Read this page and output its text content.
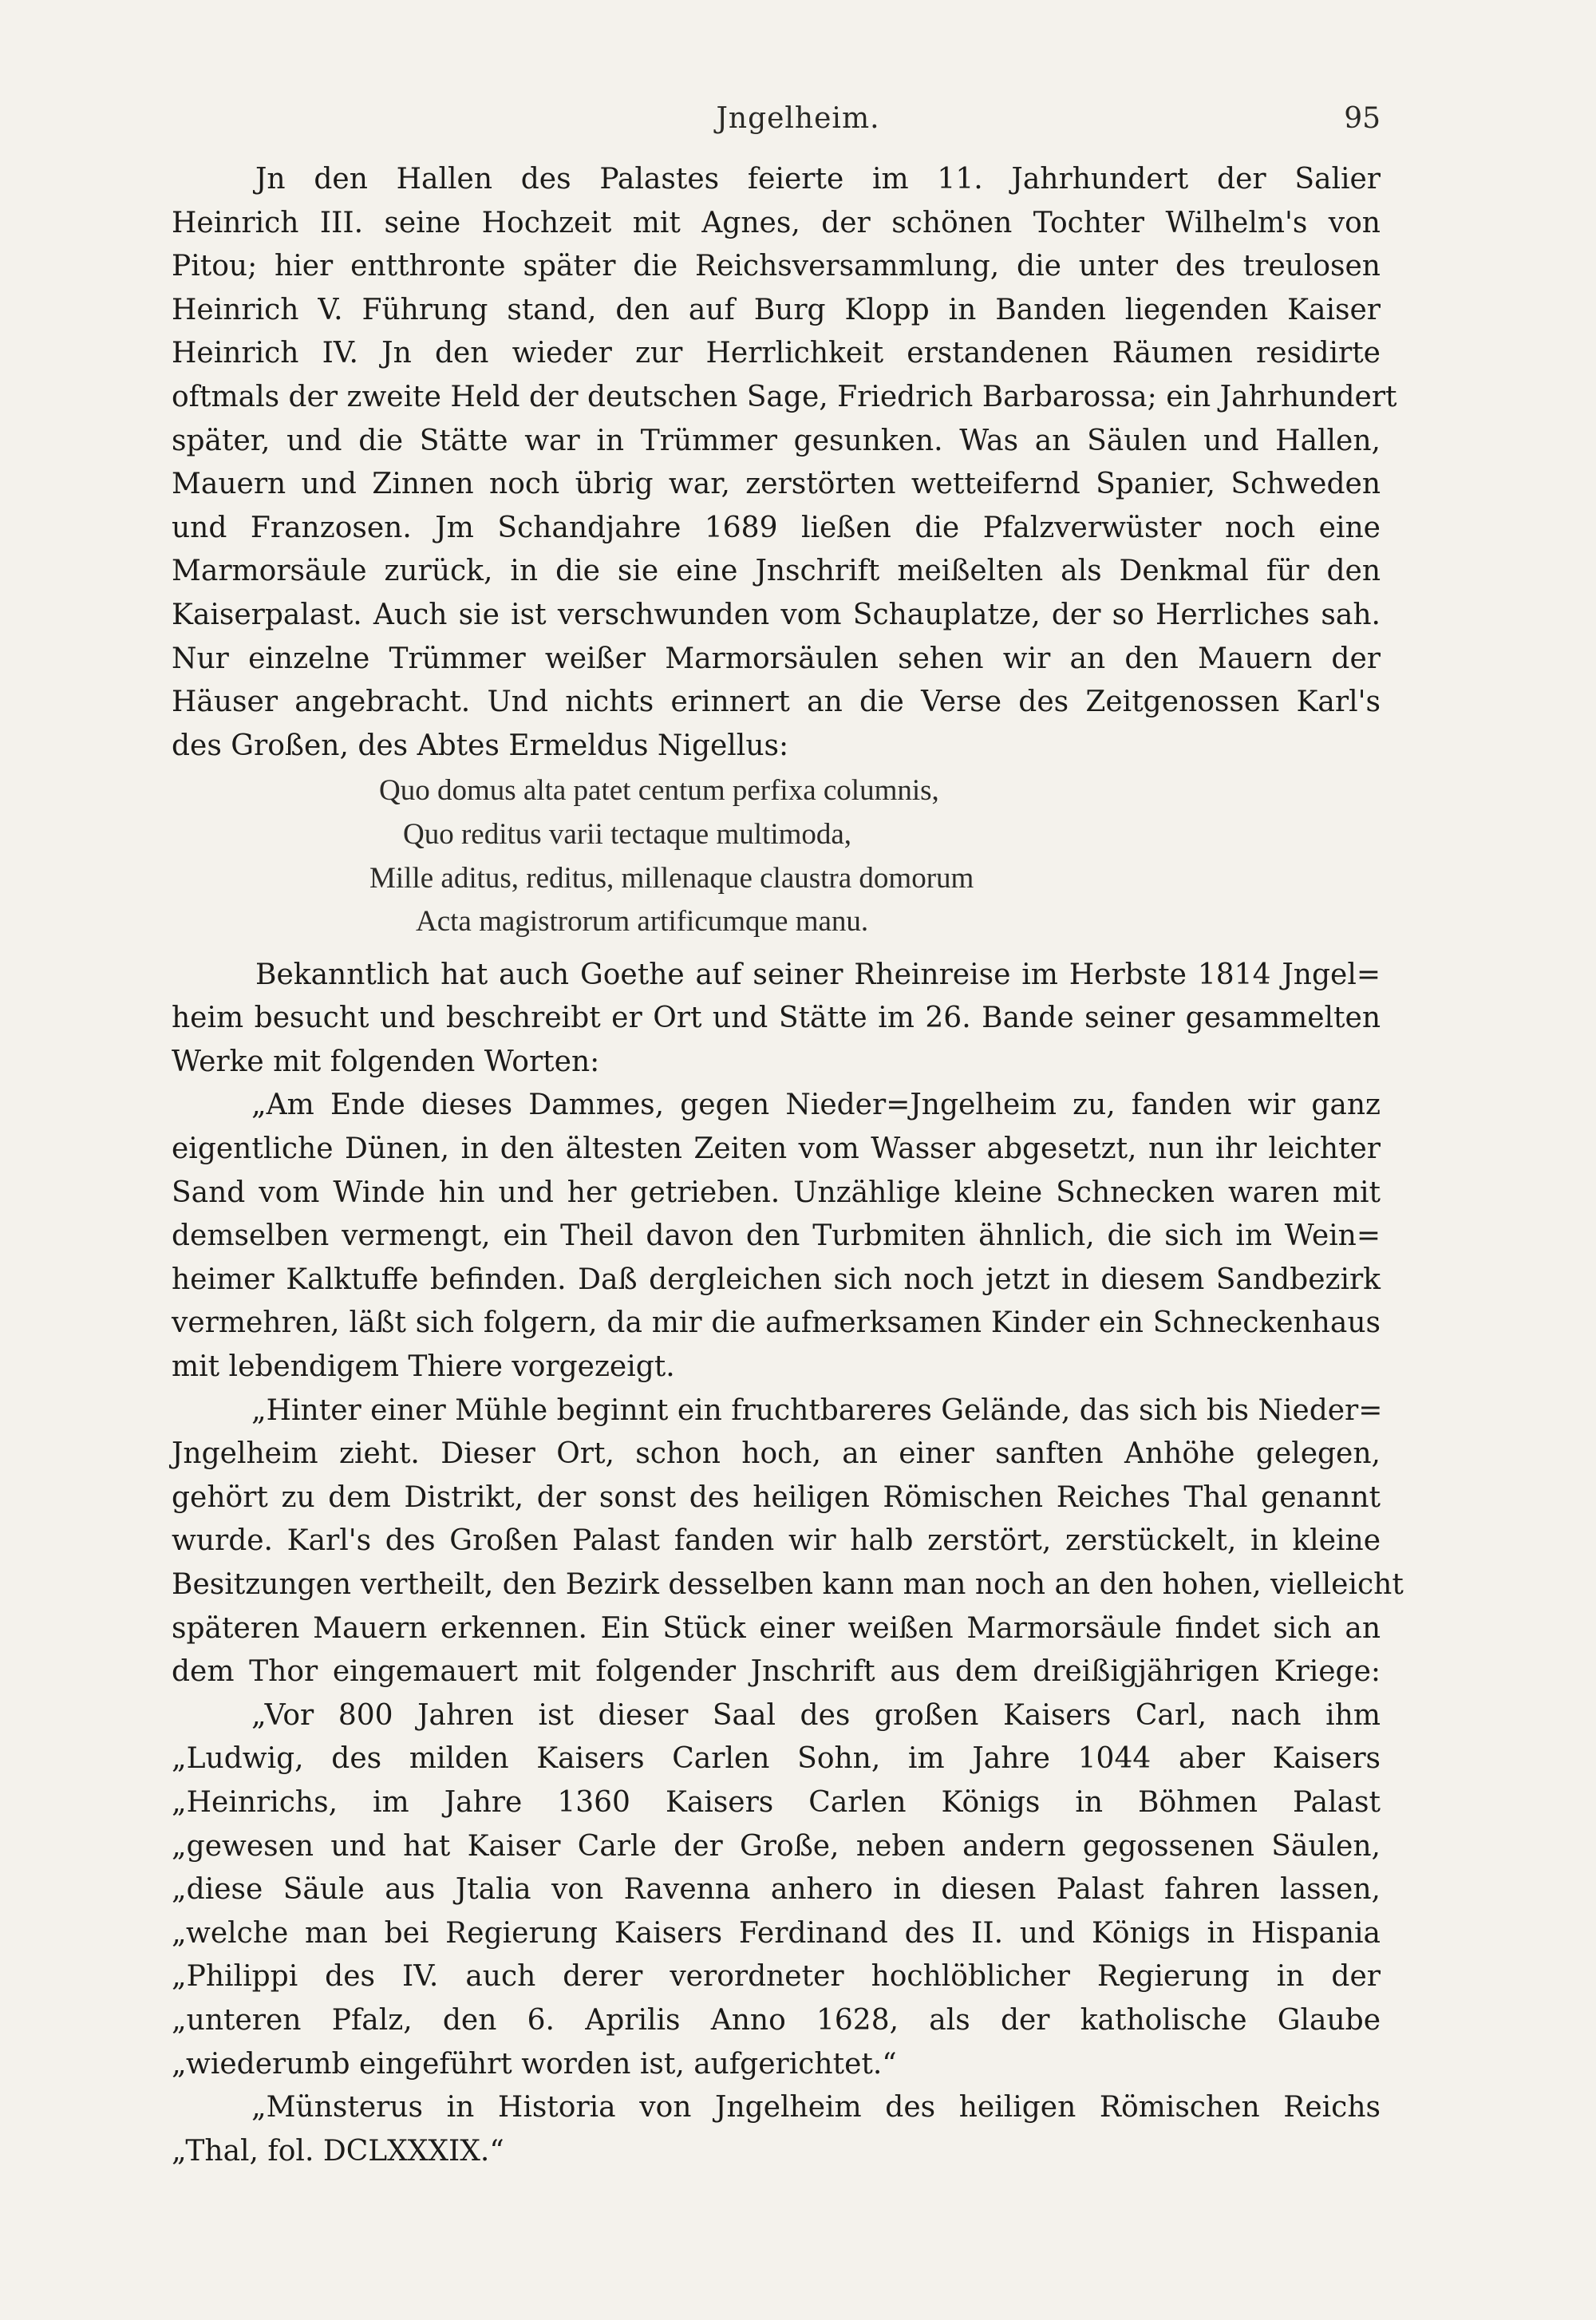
Jngelheim.	95
Jn den Hallen des Palastes feierte im 11. Jahrhundert der Salier
Heinrich III. seine Hochzeit mit Agnes, der schönen Tochter Wilhelm's von
Pitou; hier entthronte später die Reichsversammlung, die unter des treulosen
Heinrich V. Führung stand, den auf Burg Klopp in Banden liegenden Kaiser
Heinrich IV. Jn den wieder zur Herrlichkeit erstandenen Räumen residirte
oftmals der zweite Held der deutschen Sage, Friedrich Barbarossa; ein Jahrhundert
später, und die Stätte war in Trümmer gesunken. Was an Säulen und Hallen,
Mauern und Zinnen noch übrig war, zerstörten wetteifernd Spanier, Schweden
und Franzosen. Jm Schandjahre 1689 ließen die Pfalzverwüster noch eine
Marmorsäule zurück, in die sie eine Jnschrift meißelten als Denkmal für den
Kaiserpalast. Auch sie ist verschwunden vom Schauplatze, der so Herrliches sah.
Nur einzelne Trümmer weißer Marmorsäulen sehen wir an den Mauern der
Häuser angebracht. Und nichts erinnert an die Verse des Zeitgenossen Karl's
des Großen, des Abtes Ermeldus Nigellus:
Quo domus alta patet centum perfixa columnis,
Quo reditus varii tectaque multimoda,
Mille aditus, reditus, millenaque claustra domorum
Acta magistrorum artificumque manu.
Bekanntlich hat auch Goethe auf seiner Rheinreise im Herbste 1814 Jngel=
heim besucht und beschreibt er Ort und Stätte im 26. Bande seiner gesammelten
Werke mit folgenden Worten:
„Am Ende dieses Dammes, gegen Nieder=Jngelheim zu, fanden wir ganz
eigentliche Dünen, in den ältesten Zeiten vom Wasser abgesetzt, nun ihr leichter
Sand vom Winde hin und her getrieben. Unzählige kleine Schnecken waren mit
demselben vermengt, ein Theil davon den Turbmiten ähnlich, die sich im Wein=
heimer Kalktuffe befinden. Daß dergleichen sich noch jetzt in diesem Sandbezirk
vermehren, läßt sich folgern, da mir die aufmerksamen Kinder ein Schneckenhaus
mit lebendigem Thiere vorgezeigt.
„Hinter einer Mühle beginnt ein fruchtbareres Gelände, das sich bis Nieder=
Jngelheim zieht. Dieser Ort, schon hoch, an einer sanften Anhöhe gelegen,
gehört zu dem Distrikt, der sonst des heiligen Römischen Reiches Thal genannt
wurde. Karl's des Großen Palast fanden wir halb zerstört, zerstückelt, in kleine
Besitzungen vertheilt, den Bezirk desselben kann man noch an den hohen, vielleicht
späteren Mauern erkennen. Ein Stück einer weißen Marmorsäule findet sich an
dem Thor eingemauert mit folgender Jnschrift aus dem dreißigjährigen Kriege:
„Vor 800 Jahren ist dieser Saal des großen Kaisers Carl, nach ihm
„Ludwig, des milden Kaisers Carlen Sohn, im Jahre 1044 aber Kaisers
„Heinrichs, im Jahre 1360 Kaisers Carlen Königs in Böhmen Palast
„gewesen und hat Kaiser Carle der Große, neben andern gegossenen Säulen,
„diese Säule aus Jtalia von Ravenna anhero in diesen Palast fahren lassen,
„welche man bei Regierung Kaisers Ferdinand des II. und Königs in Hispania
„Philippi des IV. auch derer verordneter hochlöblicher Regierung in der
„unteren Pfalz, den 6. Aprilis Anno 1628, als der katholische Glaube
„wiederumb eingeführt worden ist, aufgerichtet.“
„Münsterus in Historia von Jngelheim des heiligen Römischen Reichs
„Thal, fol. DCLXXXIX.“
